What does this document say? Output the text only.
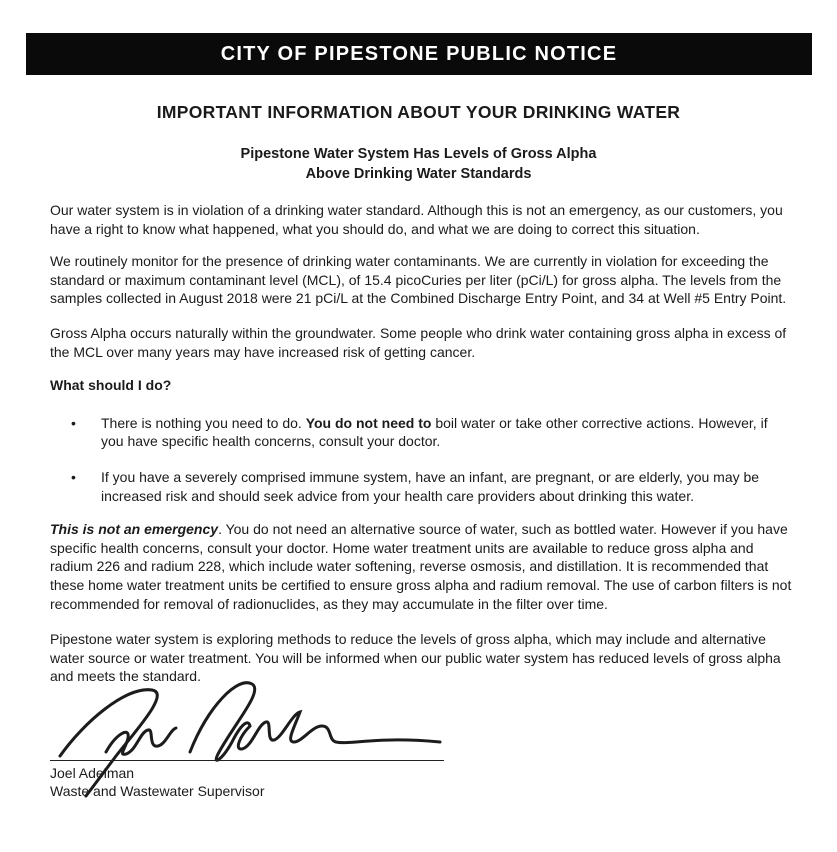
CITY OF PIPESTONE PUBLIC NOTICE
IMPORTANT INFORMATION ABOUT YOUR DRINKING WATER
Pipestone Water System Has Levels of Gross Alpha
Above Drinking Water Standards

Our water system is in violation of a drinking water standard. Although this is not an emergency, as our customers, you have a right to know what happened, what you should do, and what we are doing to correct this situation.

We routinely monitor for the presence of drinking water contaminants. We are currently in violation for exceeding the standard or maximum contaminant level (MCL), of 15.4 picoCuries per liter (pCi/L) for gross alpha. The levels from the samples collected in August 2018 were 21 pCi/L at the Combined Discharge Entry Point, and 34 at Well #5 Entry Point.

Gross Alpha occurs naturally within the groundwater. Some people who drink water containing gross alpha in excess of the MCL over many years may have increased risk of getting cancer.

What should I do?
•	There is nothing you need to do. You do not need to boil water or take other corrective actions. However, if you have specific health concerns, consult your doctor.
•	If you have a severely comprised immune system, have an infant, are pregnant, or are elderly, you may be increased risk and should seek advice from your health care providers about drinking this water.

This is not an emergency. You do not need an alternative source of water, such as bottled water. However if you have specific health concerns, consult your doctor. Home water treatment units are available to reduce gross alpha and radium 226 and radium 228, which include water softening, reverse osmosis, and distillation. It is recommended that these home water treatment units be certified to ensure gross alpha and radium removal. The use of carbon filters is not recommended for removal of radionuclides, as they may accumulate in the filter over time.

Pipestone water system is exploring methods to reduce the levels of gross alpha, which may include and alternative water source or water treatment. You will be informed when our public water system has reduced levels of gross alpha and meets the standard.

Joel Adelman
Waste and Wastewater Supervisor
